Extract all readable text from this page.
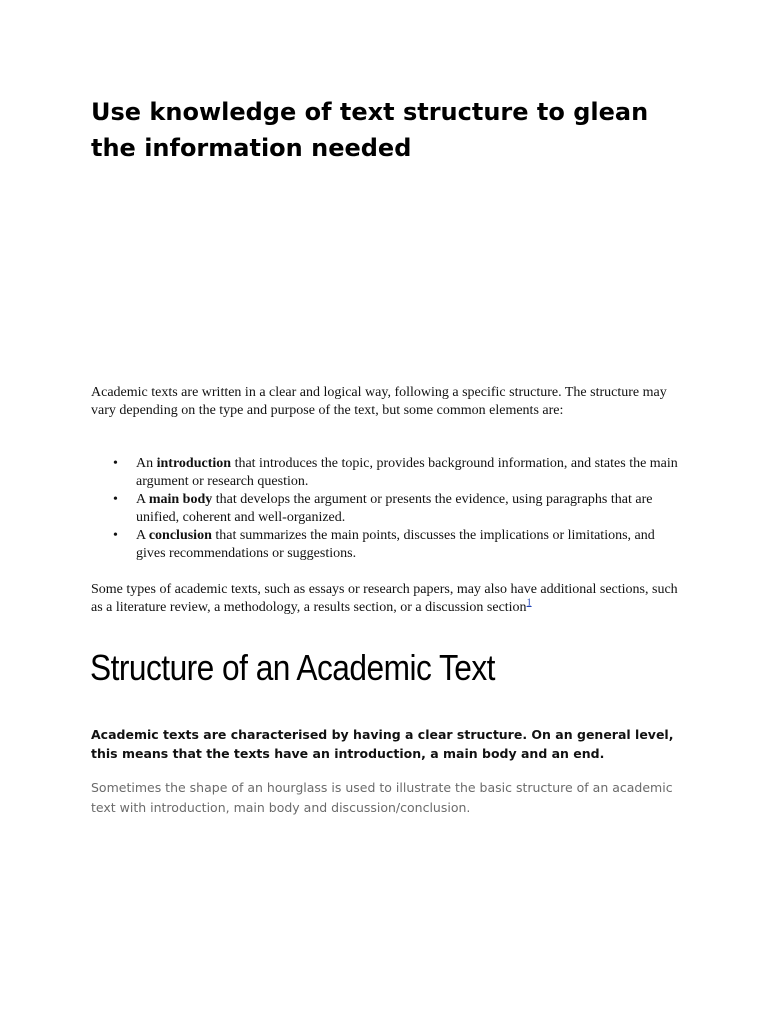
Use knowledge of text structure to glean
the information needed

Academic texts are written in a clear and logical way, following a specific structure. The structure may vary depending on the type and purpose of the text, but some common elements are:

• An introduction that introduces the topic, provides background information, and states the main argument or research question.
• A main body that develops the argument or presents the evidence, using paragraphs that are unified, coherent and well-organized.
• A conclusion that summarizes the main points, discusses the implications or limitations, and gives recommendations or suggestions.

Some types of academic texts, such as essays or research papers, may also have additional sections, such as a literature review, a methodology, a results section, or a discussion section$^1$

Structure of an Academic Text

Academic texts are characterised by having a clear structure. On an general level, this means that the texts have an introduction, a main body and an end.

Sometimes the shape of an hourglass is used to illustrate the basic structure of an academic text with introduction, main body and discussion/conclusion.
